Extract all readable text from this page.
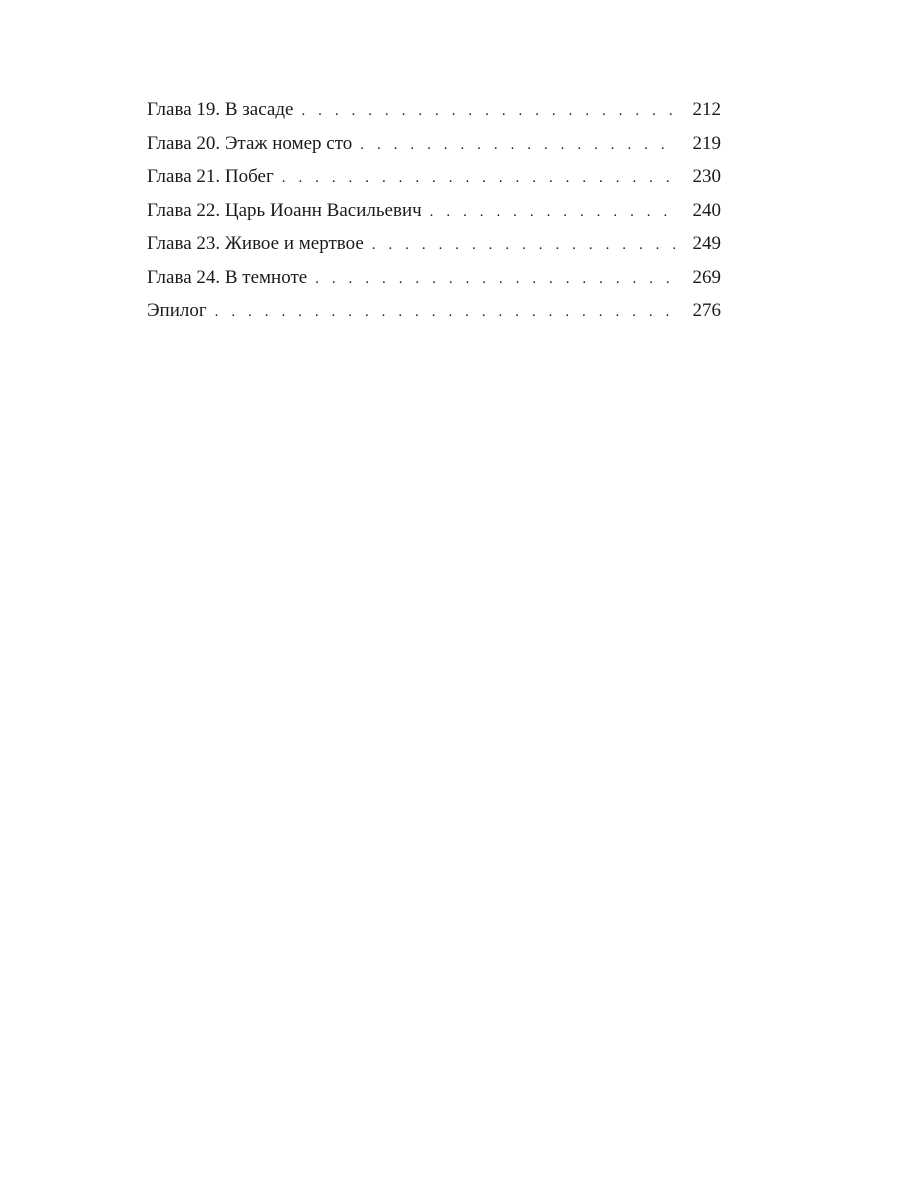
Глава 19. В засаде . . .	212
Глава 20. Этаж номер сто . . .	219
Глава 21. Побег . . .	230
Глава 22. Царь Иоанн Васильевич . . .	240
Глава 23. Живое и мертвое . . .	249
Глава 24. В темноте . . .	269
Эпилог . . .	276
